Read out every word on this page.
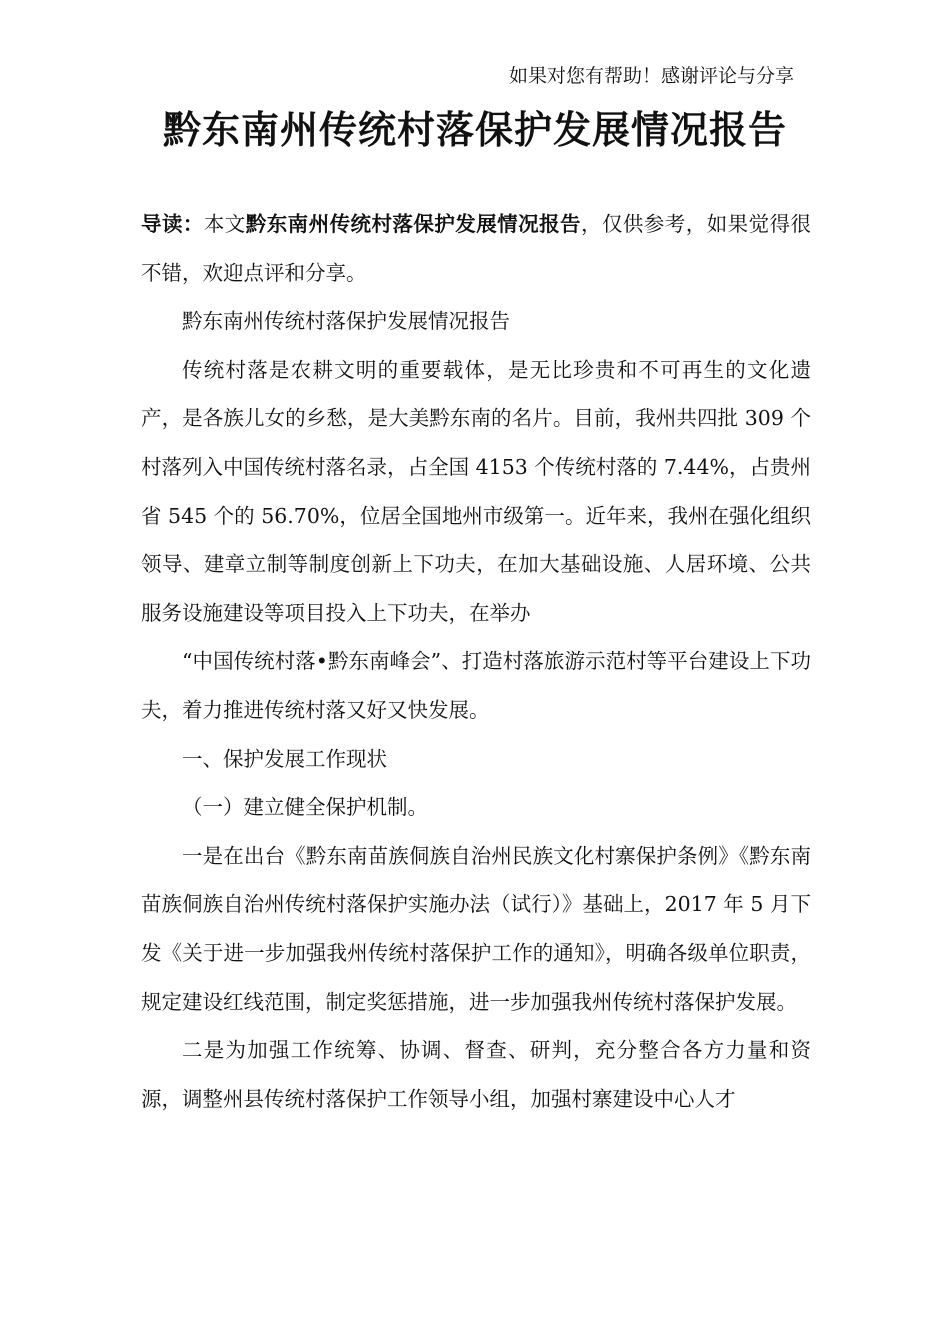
如果对您有帮助！感谢评论与分享
黔东南州传统村落保护发展情况报告

导读：本文黔东南州传统村落保护发展情况报告，仅供参考，如果觉得很不错，欢迎点评和分享。

黔东南州传统村落保护发展情况报告

传统村落是农耕文明的重要载体，是无比珍贵和不可再生的文化遗产，是各族儿女的乡愁，是大美黔东南的名片。目前，我州共四批 309 个村落列入中国传统村落名录，占全国 4153 个传统村落的 7.44%，占贵州省 545 个的 56.70%，位居全国地州市级第一。近年来，我州在强化组织领导、建章立制等制度创新上下功夫，在加大基础设施、人居环境、公共服务设施建设等项目投入上下功夫，在举办

“中国传统村落•黔东南峰会”、打造村落旅游示范村等平台建设上下功夫，着力推进传统村落又好又快发展。

一、保护发展工作现状

（一）建立健全保护机制。

一是在出台《黔东南苗族侗族自治州民族文化村寨保护条例》《黔东南苗族侗族自治州传统村落保护实施办法（试行）》基础上，2017 年 5 月下发《关于进一步加强我州传统村落保护工作的通知》，明确各级单位职责，规定建设红线范围，制定奖惩措施，进一步加强我州传统村落保护发展。

二是为加强工作统筹、协调、督查、研判，充分整合各方力量和资源，调整州县传统村落保护工作领导小组，加强村寨建设中心人才
